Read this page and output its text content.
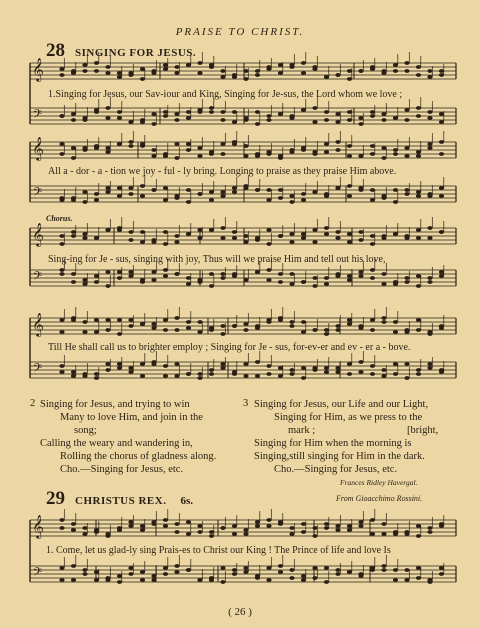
PRAISE TO CHRIST.
28 SINGING FOR JESUS.
𝄞
𝄢
𝄞
𝄢
𝄞
𝄢
𝄞
𝄢
𝄞
𝄢
1.Singing for Jesus, our Sav-iour and King, Singing for Je-sus, the Lord whom we love ;
All a - dor - a - tion we joy - ful - ly bring. Longing to praise as they praise Him above.
Chorus.
Sing-ing for Je - sus, singing with joy, Thus will we praise Him and tell out his love,
Till He shall call us to brighter employ ; Singing for Je - sus, for-ev-er and ev - er a - bove.
2 Singing for Jesus, and trying to win
Many to love Him, and join in the
song;
Calling the weary and wandering in,
Rolling the chorus of gladness along.
Cho.—Singing for Jesus, etc.
3 Singing for Jesus, our Life and our Light,
Singing for Him, as we press to the
mark ;                                   [bright,
Singing for Him when the morning is
Singing,still singing for Him in the dark.
Cho.—Singing for Jesus, etc.
Frances Ridley Havergal.
29 CHRISTUS REX. 6s.	From Gioacchimo Rossini.
1. Come, let us glad-ly sing Prais-es to Christ our King ! The Prince of life and love Is
( 26 )
